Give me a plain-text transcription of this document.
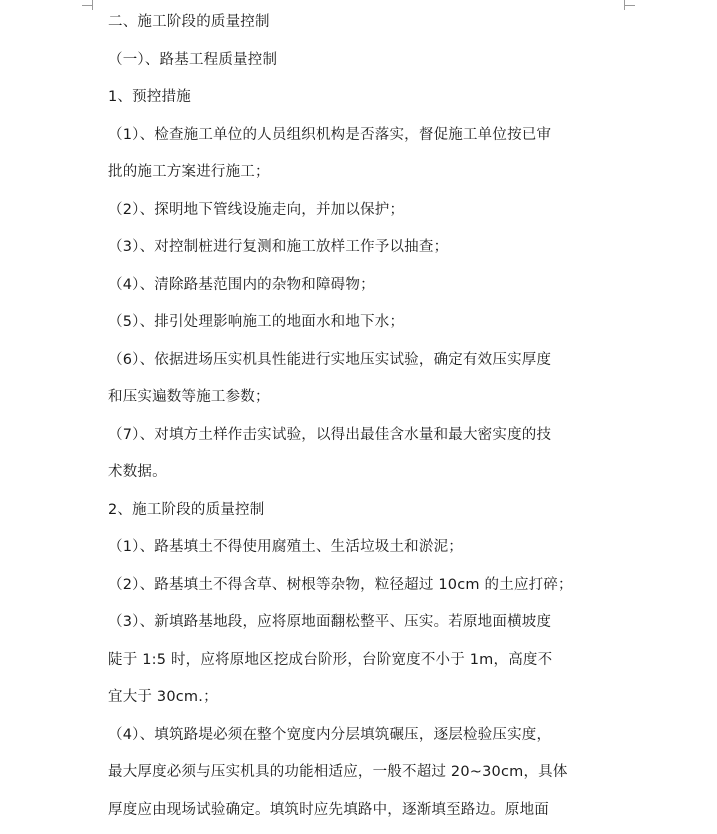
二、施工阶段的质量控制
（一）、路基工程质量控制
1、预控措施
（1）、检查施工单位的人员组织机构是否落实，督促施工单位按已审
批的施工方案进行施工；
（2）、探明地下管线设施走向，并加以保护；
（3）、对控制桩进行复测和施工放样工作予以抽查；
（4）、清除路基范围内的杂物和障碍物；
（5）、排引处理影响施工的地面水和地下水；
（6）、依据进场压实机具性能进行实地压实试验，确定有效压实厚度
和压实遍数等施工参数；
（7）、对填方土样作击实试验，以得出最佳含水量和最大密实度的技
术数据。
2、施工阶段的质量控制
（1）、路基填土不得使用腐殖土、生活垃圾土和淤泥；
（2）、路基填土不得含草、树根等杂物，粒径超过 10cm 的土应打碎；
（3）、新填路基地段，应将原地面翻松整平、压实。若原地面横坡度
陡于 1:5 时，应将原地区挖成台阶形，台阶宽度不小于 1m，高度不
宜大于 30cm.；
（4）、填筑路堤必须在整个宽度内分层填筑碾压，逐层检验压实度，
最大厚度必须与压实机具的功能相适应，一般不超过 20~30cm，具体
厚度应由现场试验确定。填筑时应先填路中，逐渐填至路边。原地面
